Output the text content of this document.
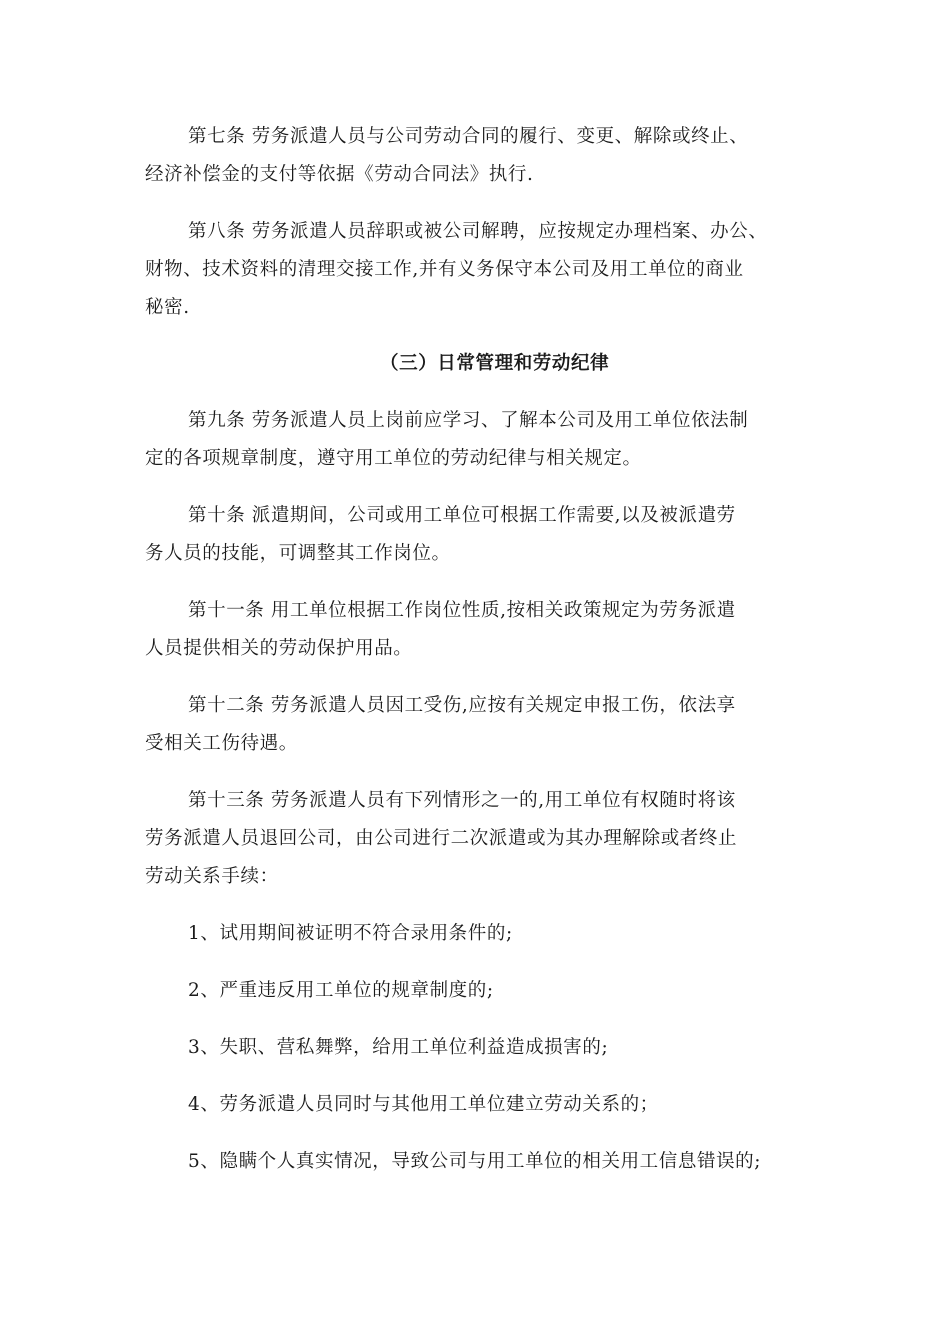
第七条 劳务派遣人员与公司劳动合同的履行、变更、解除或终止、
经济补偿金的支付等依据《劳动合同法》执行.
第八条 劳务派遣人员辞职或被公司解聘，应按规定办理档案、办公、
财物、技术资料的清理交接工作,并有义务保守本公司及用工单位的商业
秘密.
（三）日常管理和劳动纪律
第九条 劳务派遣人员上岗前应学习、了解本公司及用工单位依法制
定的各项规章制度，遵守用工单位的劳动纪律与相关规定。
第十条 派遣期间，公司或用工单位可根据工作需要,以及被派遣劳
务人员的技能，可调整其工作岗位。
第十一条 用工单位根据工作岗位性质,按相关政策规定为劳务派遣
人员提供相关的劳动保护用品。
第十二条 劳务派遣人员因工受伤,应按有关规定申报工伤，依法享
受相关工伤待遇。
第十三条 劳务派遣人员有下列情形之一的,用工单位有权随时将该
劳务派遣人员退回公司，由公司进行二次派遣或为其办理解除或者终止
劳动关系手续：
1、试用期间被证明不符合录用条件的;
2、严重违反用工单位的规章制度的;
3、失职、营私舞弊，给用工单位利益造成损害的;
4、劳务派遣人员同时与其他用工单位建立劳动关系的；
5、隐瞒个人真实情况，导致公司与用工单位的相关用工信息错误的;
